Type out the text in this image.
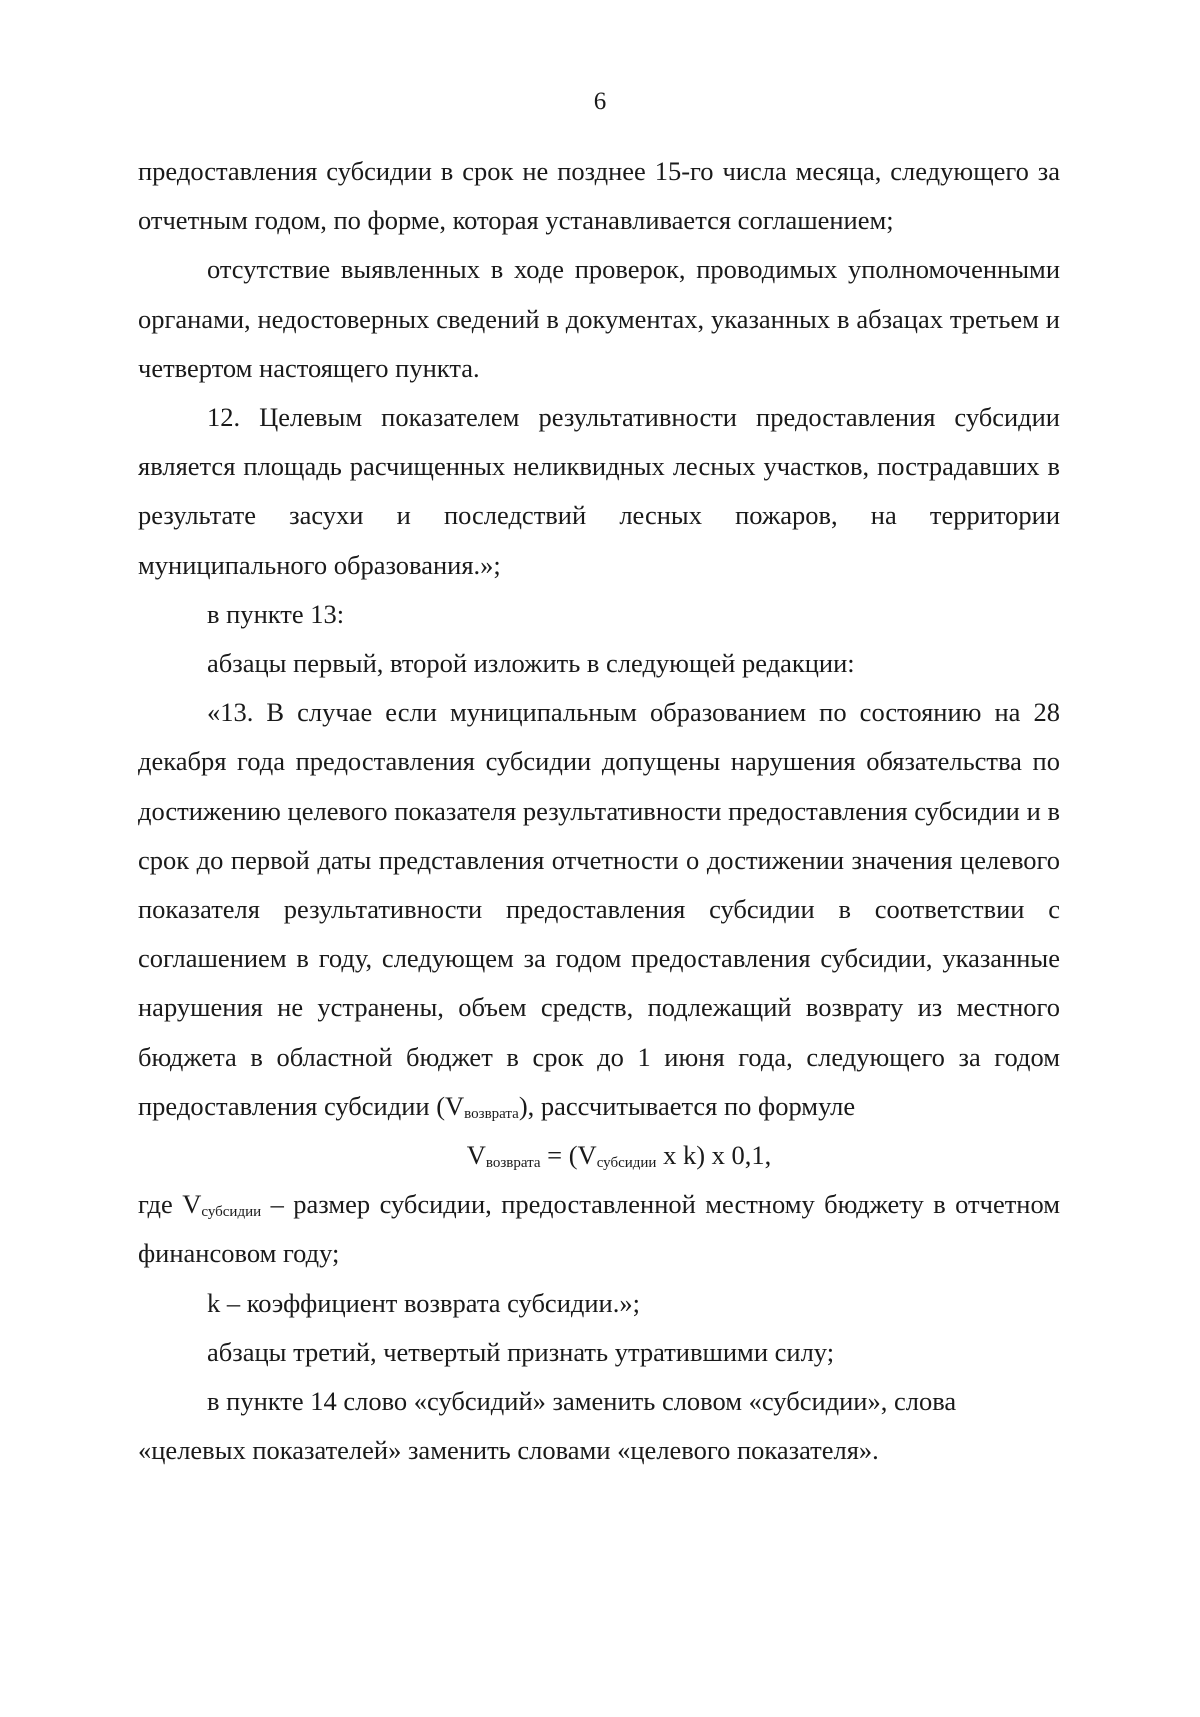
6

предоставления субсидии в срок не позднее 15-го числа месяца, следующего за отчетным годом, по форме, которая устанавливается соглашением;

отсутствие выявленных в ходе проверок, проводимых уполномоченными органами, недостоверных сведений в документах, указанных в абзацах третьем и четвертом настоящего пункта.

12. Целевым показателем результативности предоставления субсидии является площадь расчищенных неликвидных лесных участков, пострадавших в результате засухи и последствий лесных пожаров, на территории муниципального образования.»;

в пункте 13:

абзацы первый, второй изложить в следующей редакции:

«13. В случае если муниципальным образованием по состоянию на 28 декабря года предоставления субсидии допущены нарушения обязательства по достижению целевого показателя результативности предоставления субсидии и в срок до первой даты представления отчетности о достижении значения целевого показателя результативности предоставления субсидии в соответствии с соглашением в году, следующем за годом предоставления субсидии, указанные нарушения не устранены, объем средств, подлежащий возврату из местного бюджета в областной бюджет в срок до 1 июня года, следующего за годом предоставления субсидии $(V_{возврата})$, рассчитывается по формуле

$V_{возврата} = (V_{субсидии}$ x k) x 0,1,

где $V_{субсидии}$ – размер субсидии, предоставленной местному бюджету в отчетном финансовом году;

k – коэффициент возврата субсидии.»;

абзацы третий, четвертый признать утратившими силу;

в пункте 14 слово «субсидий» заменить словом «субсидии», слова «целевых показателей» заменить словами «целевого показателя».
